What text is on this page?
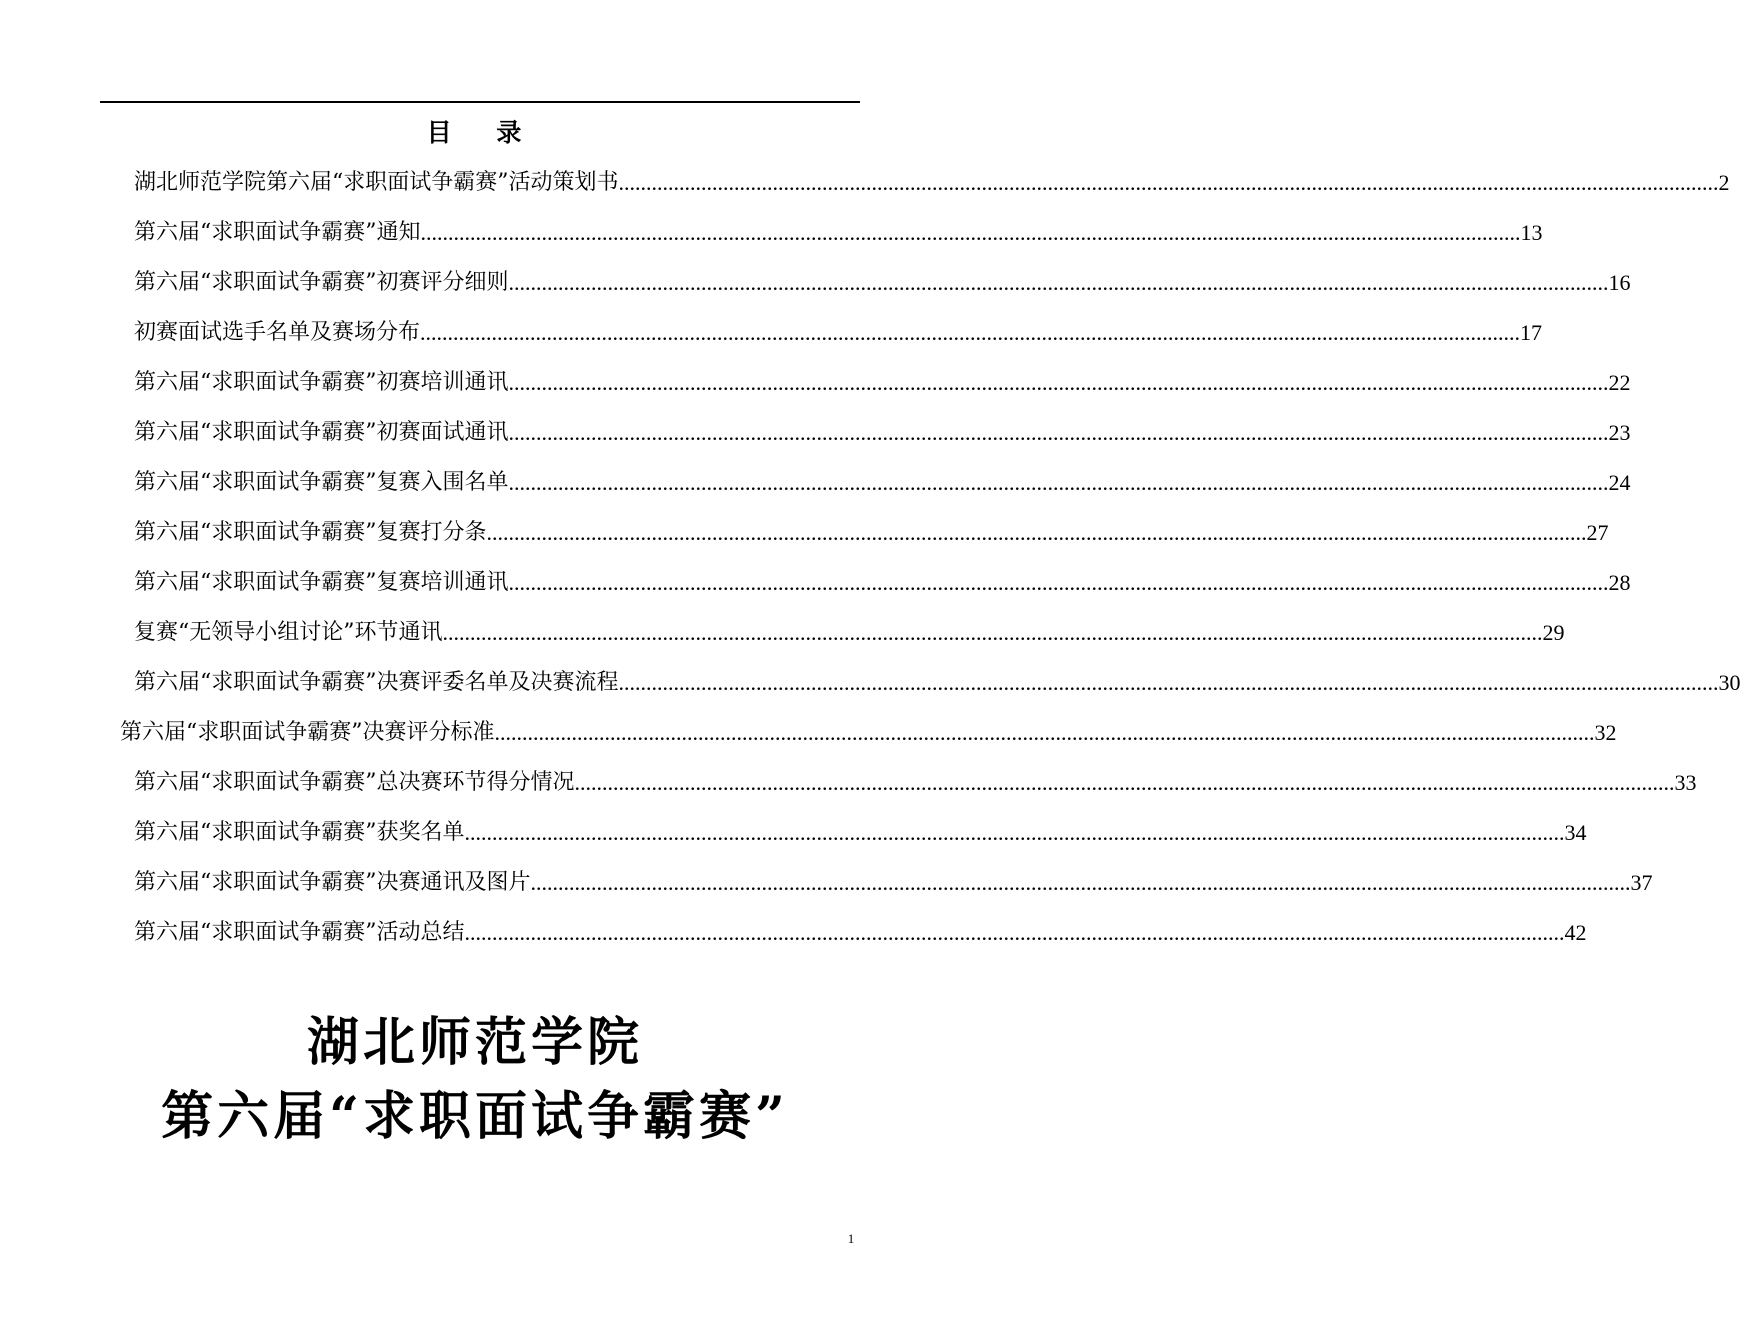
目    录
湖北师范学院第六届“求职面试争霸赛”活动策划书 ........................................................................................................................................................................................................ 2
第六届“求职面试争霸赛”通知 ........................................................................................................................................................................................................ 13
第六届“求职面试争霸赛”初赛评分细则 ........................................................................................................................................................................................................ 16
初赛面试选手名单及赛场分布 ........................................................................................................................................................................................................ 17
第六届“求职面试争霸赛”初赛培训通讯 ........................................................................................................................................................................................................ 22
第六届“求职面试争霸赛”初赛面试通讯 ........................................................................................................................................................................................................ 23
第六届“求职面试争霸赛”复赛入围名单 ........................................................................................................................................................................................................ 24
第六届“求职面试争霸赛”复赛打分条 ........................................................................................................................................................................................................ 27
第六届“求职面试争霸赛”复赛培训通讯 ........................................................................................................................................................................................................ 28
复赛“无领导小组讨论”环节通讯 ........................................................................................................................................................................................................ 29
第六届“求职面试争霸赛”决赛评委名单及决赛流程 ........................................................................................................................................................................................................ 30
第六届“求职面试争霸赛”决赛评分标准 ........................................................................................................................................................................................................ 32
第六届“求职面试争霸赛”总决赛环节得分情况 ........................................................................................................................................................................................................ 33
第六届“求职面试争霸赛”获奖名单 ........................................................................................................................................................................................................ 34
第六届“求职面试争霸赛”决赛通讯及图片 ........................................................................................................................................................................................................ 37
第六届“求职面试争霸赛”活动总结 ........................................................................................................................................................................................................ 42
湖北师范学院
第六届“求职面试争霸赛”
1
